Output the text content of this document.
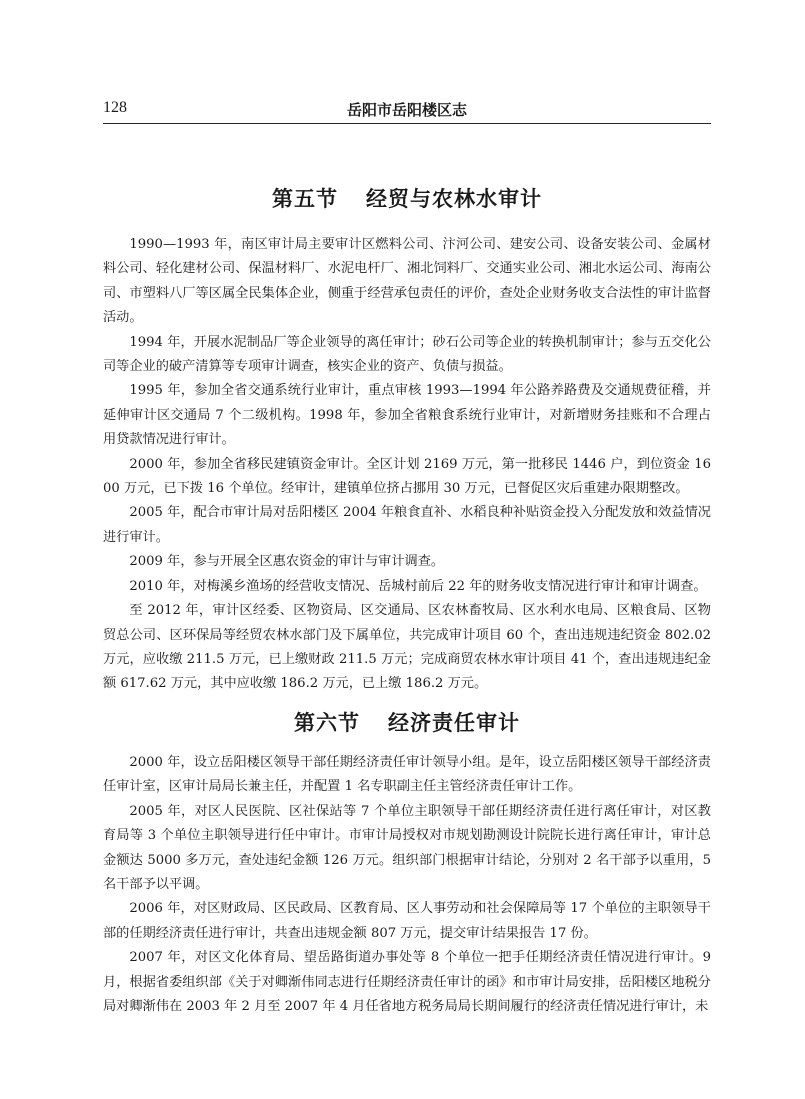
128	岳阳市岳阳楼区志
第五节 经贸与农林水审计

1990—1993 年，南区审计局主要审计区燃料公司、汴河公司、建安公司、设备安装公司、金属材料公司、轻化建材公司、保温材料厂、水泥电杆厂、湘北饲料厂、交通实业公司、湘北水运公司、海南公司、市塑料八厂等区属全民集体企业，侧重于经营承包责任的评价，查处企业财务收支合法性的审计监督活动。

1994 年，开展水泥制品厂等企业领导的离任审计；砂石公司等企业的转换机制审计；参与五交化公司等企业的破产清算等专项审计调查，核实企业的资产、负债与损益。

1995 年，参加全省交通系统行业审计，重点审核 1993—1994 年公路养路费及交通规费征稽，并延伸审计区交通局 7 个二级机构。1998 年，参加全省粮食系统行业审计，对新增财务挂账和不合理占用贷款情况进行审计。

2000 年，参加全省移民建镇资金审计。全区计划 2169 万元，第一批移民 1446 户，到位资金 1600 万元，已下拨 16 个单位。经审计，建镇单位挤占挪用 30 万元，已督促区灾后重建办限期整改。

2005 年，配合市审计局对岳阳楼区 2004 年粮食直补、水稻良种补贴资金投入分配发放和效益情况进行审计。

2009 年，参与开展全区惠农资金的审计与审计调查。

2010 年，对梅溪乡渔场的经营收支情况、岳城村前后 22 年的财务收支情况进行审计和审计调查。

至 2012 年，审计区经委、区物资局、区交通局、区农林畜牧局、区水利水电局、区粮食局、区物贸总公司、区环保局等经贸农林水部门及下属单位，共完成审计项目 60 个，查出违规违纪资金 802.02 万元，应收缴 211.5 万元，已上缴财政 211.5 万元；完成商贸农林水审计项目 41 个，查出违规违纪金额 617.62 万元，其中应收缴 186.2 万元，已上缴 186.2 万元。

第六节 经济责任审计

2000 年，设立岳阳楼区领导干部任期经济责任审计领导小组。是年，设立岳阳楼区领导干部经济责任审计室，区审计局局长兼主任，并配置 1 名专职副主任主管经济责任审计工作。

2005 年，对区人民医院、区社保站等 7 个单位主职领导干部任期经济责任进行离任审计，对区教育局等 3 个单位主职领导进行任中审计。市审计局授权对市规划勘测设计院院长进行离任审计，审计总金额达 5000 多万元，查处违纪金额 126 万元。组织部门根据审计结论，分别对 2 名干部予以重用，5 名干部予以平调。

2006 年，对区财政局、区民政局、区教育局、区人事劳动和社会保障局等 17 个单位的主职领导干部的任期经济责任进行审计，共查出违规金额 807 万元，提交审计结果报告 17 份。

2007 年，对区文化体育局、望岳路街道办事处等 8 个单位一把手任期经济责任情况进行审计。9 月，根据省委组织部《关于对卿渐伟同志进行任期经济责任审计的函》和市审计局安排，岳阳楼区地税分局对卿渐伟在 2003 年 2 月至 2007 年 4 月任省地方税务局局长期间履行的经济责任情况进行审计，未
